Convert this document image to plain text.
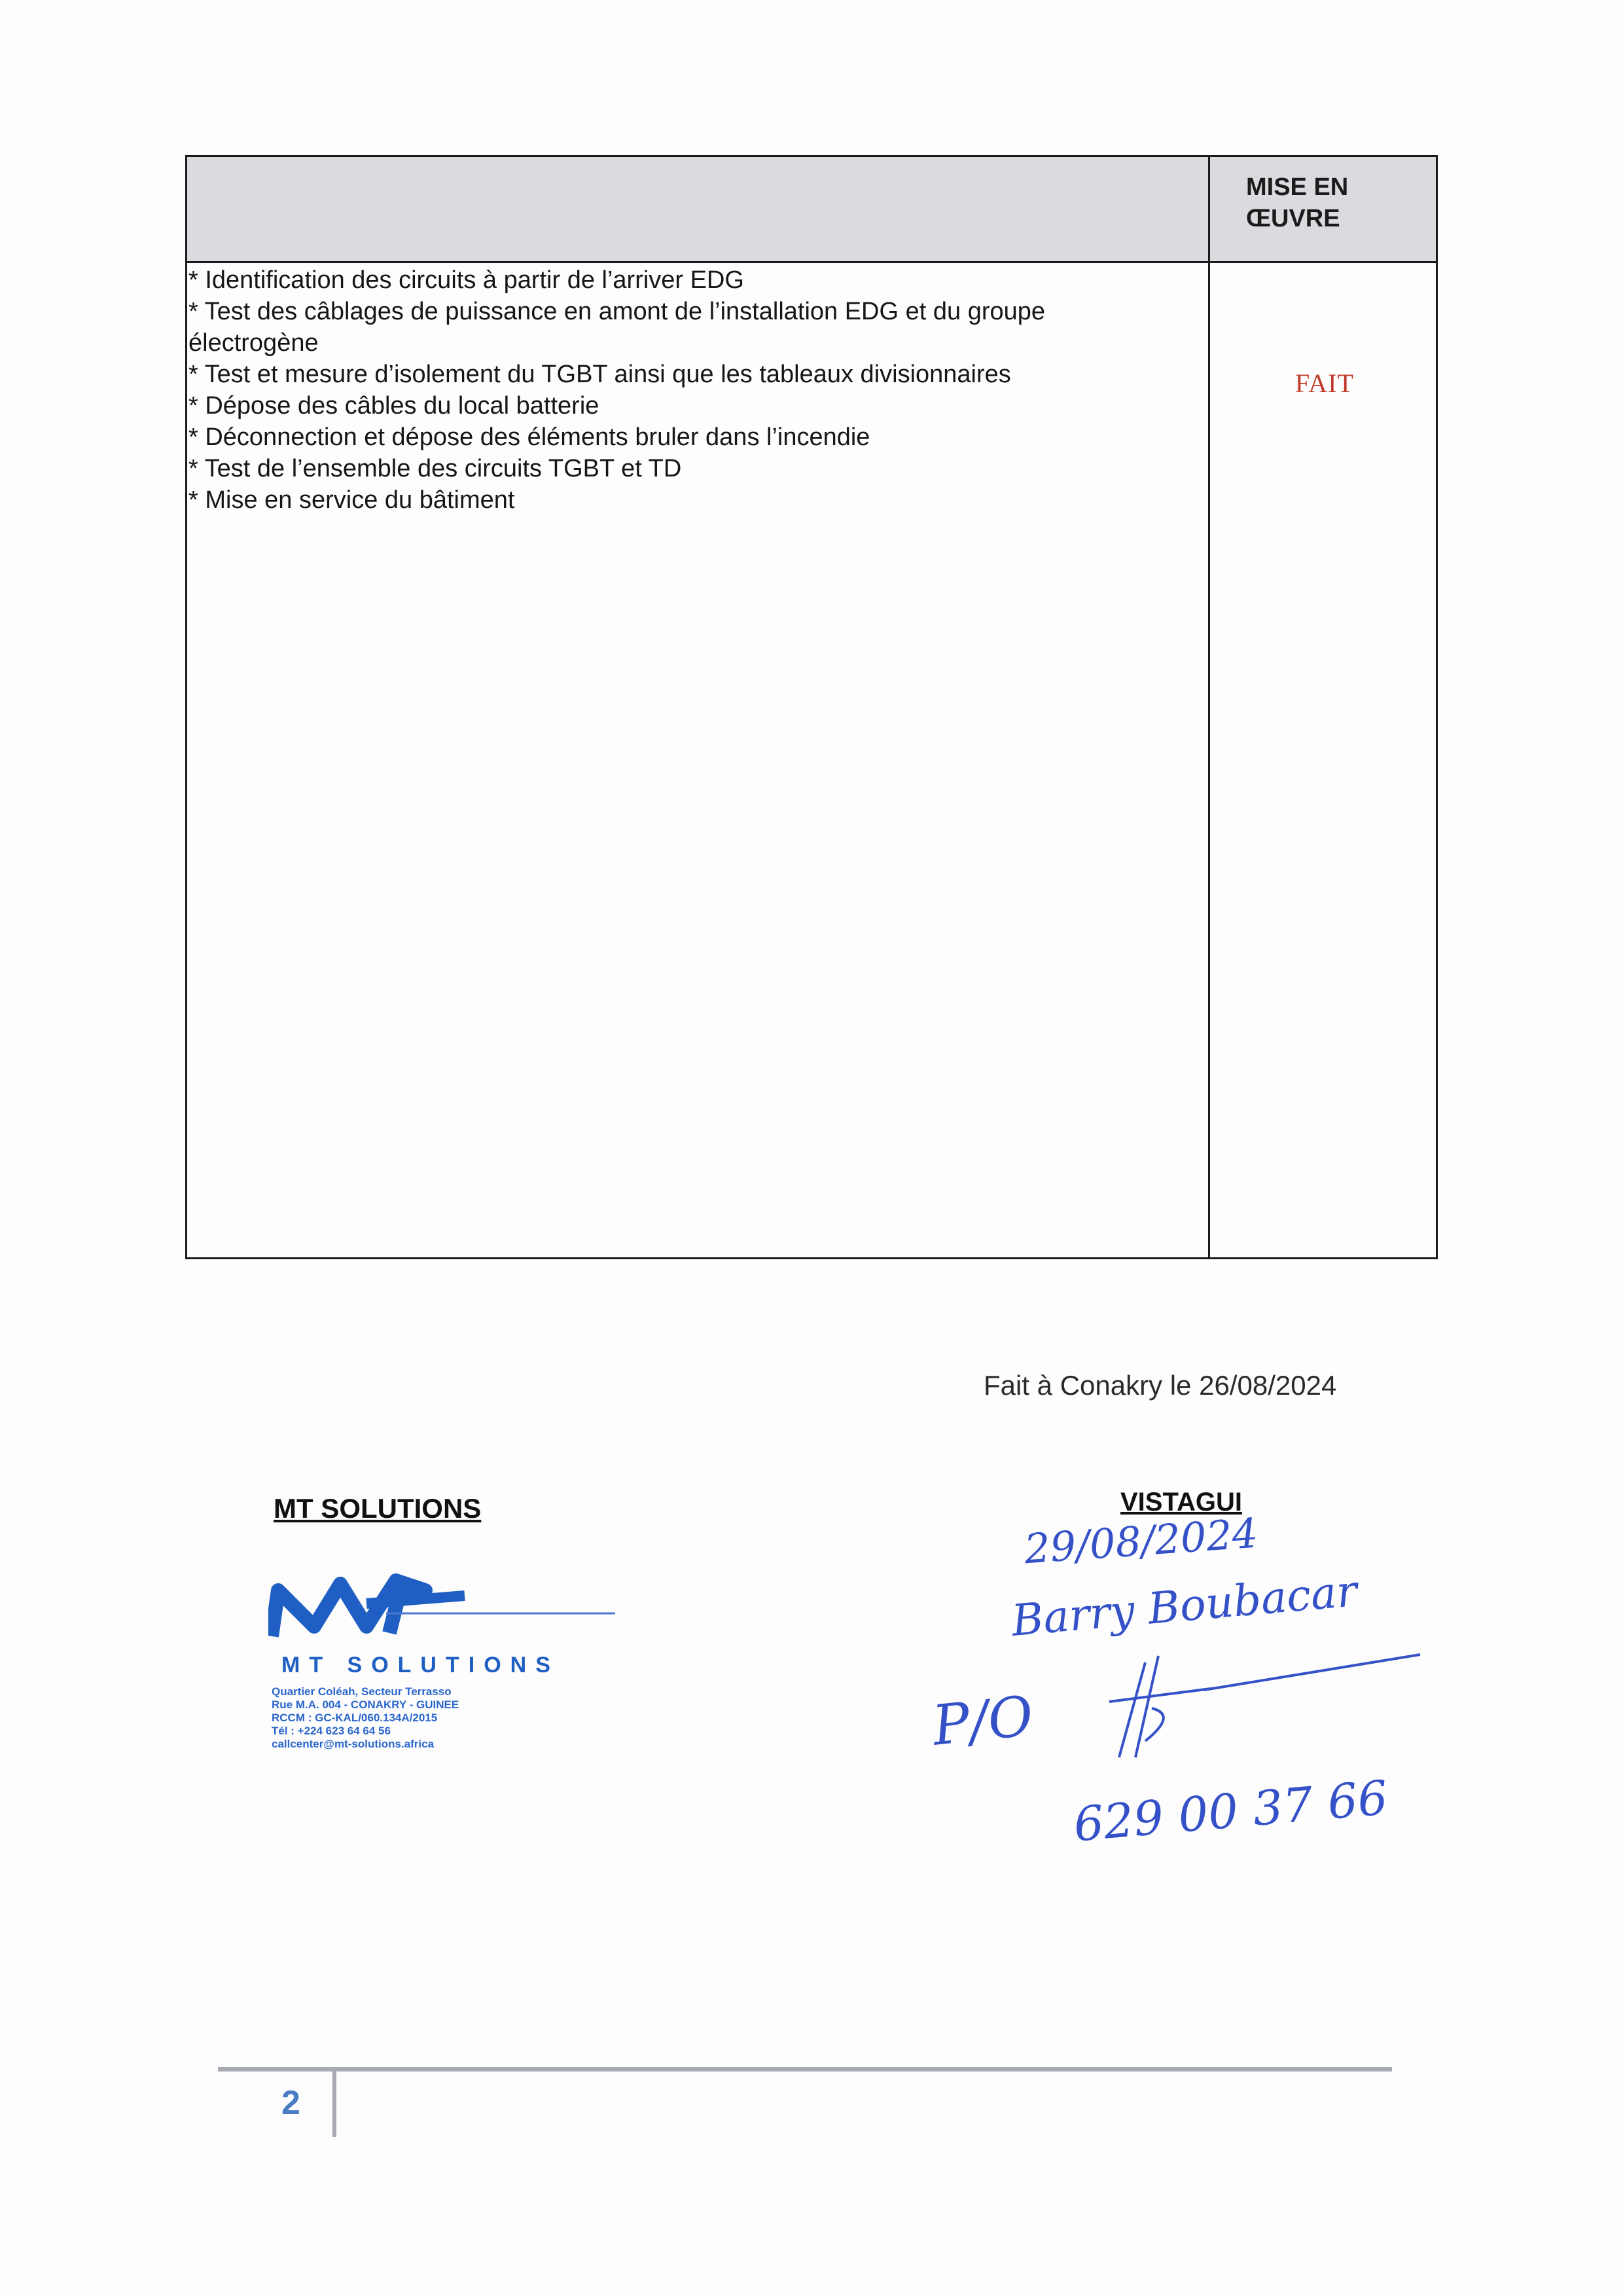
MISE EN
ŒUVRE
* Identification des circuits à partir de l’arriver EDG
* Test des câblages de puissance en amont de l’installation EDG et du groupe
électrogène
* Test et mesure d’isolement du TGBT ainsi que les tableaux divisionnaires
* Dépose des câbles du local batterie
* Déconnection et dépose des éléments bruler dans l’incendie
* Test de l’ensemble des circuits TGBT et TD
* Mise en service du bâtiment
FAIT
Fait à Conakry le 26/08/2024
MT SOLUTIONS	VISTAGUI
MT SOLUTIONS
Quartier Coléah, Secteur Terrasso
Rue M.A. 004 - CONAKRY - GUINEE
RCCM : GC-KAL/060.134A/2015
Tél : +224 623 64 64 56
callcenter@mt-solutions.africa
29/08/2024
Barry Boubacar
P/O
629 00 37 66
2
